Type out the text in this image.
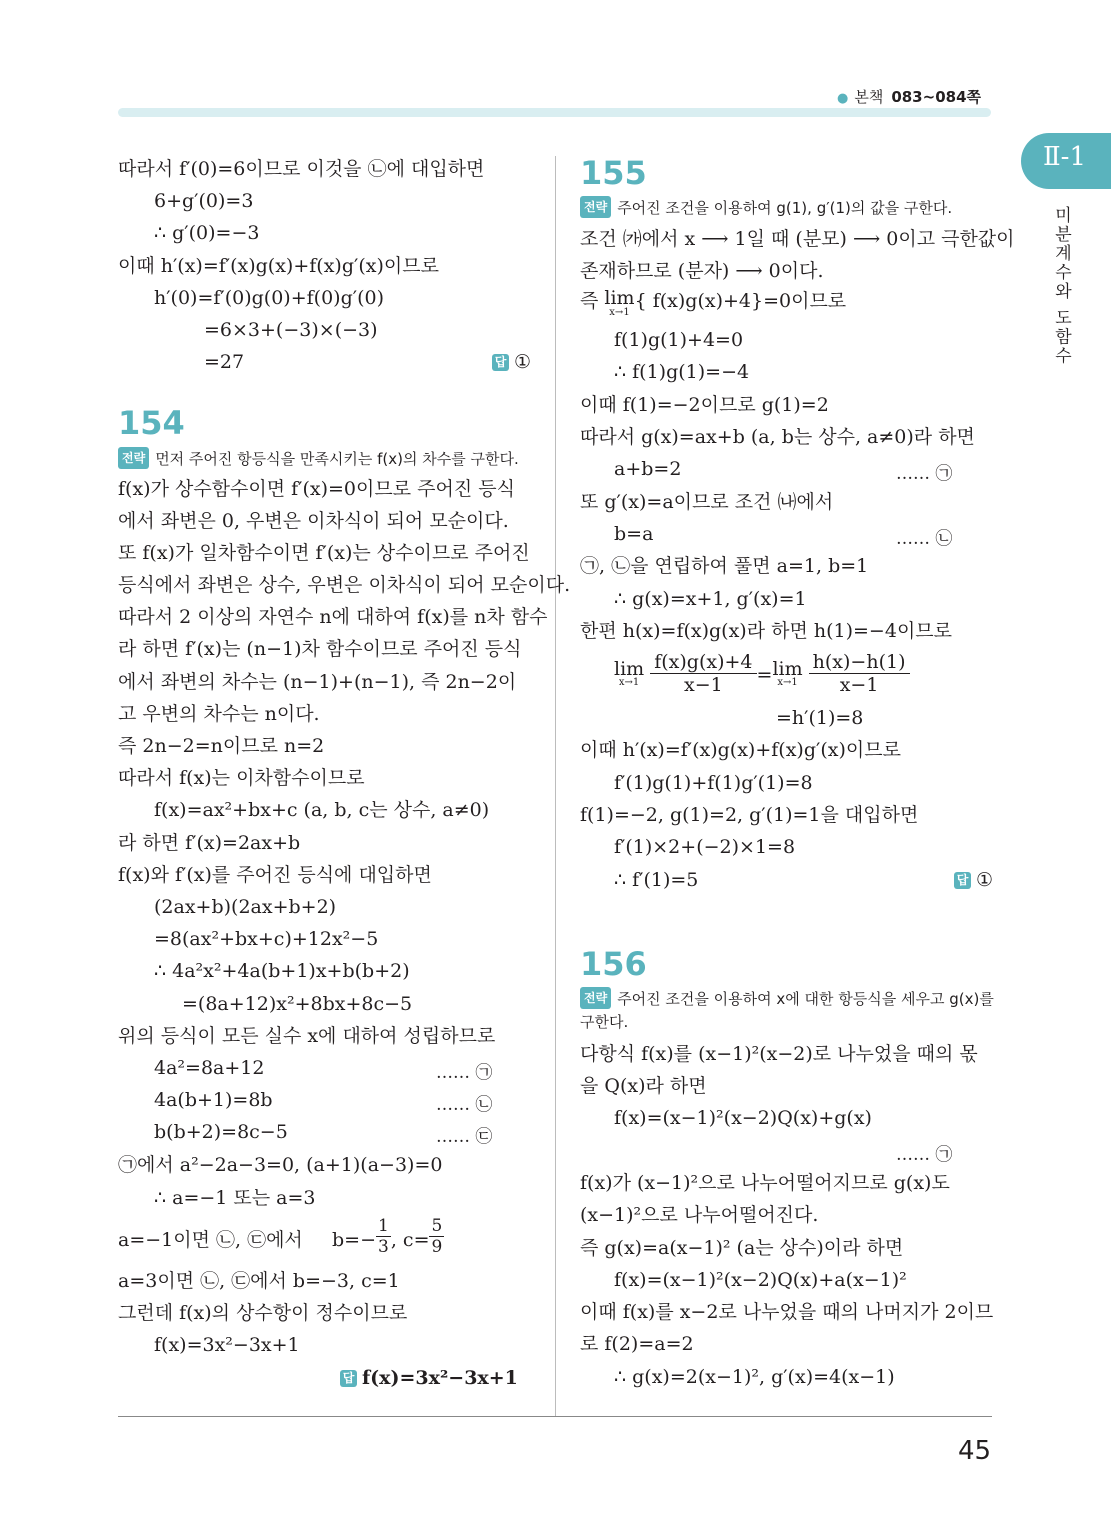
● 본책 083~084쪽
Ⅱ-1
미분계수와 도함수
45
따라서 f′(0)=6이므로 이것을 ㉡에 대입하면
6+g′(0)=3
∴ g′(0)=−3
이때 h′(x)=f′(x)g(x)+f(x)g′(x)이므로
h′(0)=f′(0)g(0)+f(0)g′(0)
=6×3+(−3)×(−3)
=27	답 ①
154
전략 먼저 주어진 항등식을 만족시키는 f(x)의 차수를 구한다.
f(x)가 상수함수이면 f′(x)=0이므로 주어진 등식
에서 좌변은 0, 우변은 이차식이 되어 모순이다.
또 f(x)가 일차함수이면 f′(x)는 상수이므로 주어진
등식에서 좌변은 상수, 우변은 이차식이 되어 모순이다.
따라서 2 이상의 자연수 n에 대하여 f(x)를 n차 함수
라 하면 f′(x)는 (n−1)차 함수이므로 주어진 등식
에서 좌변의 차수는 (n−1)+(n−1), 즉 2n−2이
고 우변의 차수는 n이다.
즉 2n−2=n이므로 n=2
따라서 f(x)는 이차함수이므로
f(x)=ax²+bx+c (a, b, c는 상수, a≠0)
라 하면 f′(x)=2ax+b
f(x)와 f′(x)를 주어진 등식에 대입하면
(2ax+b)(2ax+b+2)
=8(ax²+bx+c)+12x²−5
∴ 4a²x²+4a(b+1)x+b(b+2)
=(8a+12)x²+8bx+8c−5
위의 등식이 모든 실수 x에 대하여 성립하므로
4a²=8a+12	…… ㉠
4a(b+1)=8b	…… ㉡
b(b+2)=8c−5	…… ㉢
㉠에서 a²−2a−3=0, (a+1)(a−3)=0
∴ a=−1 또는 a=3
a=−1이면 ㉡, ㉢에서 $b=- \frac{1}{3}$ , $c= \frac{5}{9}$
a=3이면 ㉡, ㉢에서 b=−3, c=1
그런데 f(x)의 상수항이 정수이므로
f(x)=3x²−3x+1
답 f(x)=3x²−3x+1
155
전략 주어진 조건을 이용하여 g(1), g′(1)의 값을 구한다.
조건 ㈎에서 x ⟶ 1일 때 (분모) ⟶ 0이고 극한값이
존재하므로 (분자) ⟶ 0이다.
즉 lim
x→1
{ f(x)g(x)+4}=0이므로
f(1)g(1)+4=0
∴ f(1)g(1)=−4
이때 f(1)=−2이므로 g(1)=2
따라서 g(x)=ax+b (a, b는 상수, a≠0)라 하면
a+b=2	…… ㉠
또 g′(x)=a이므로 조건 ㈏에서
b=a	…… ㉡
㉠, ㉡을 연립하여 풀면 a=1, b=1
∴ g(x)=x+1, g′(x)=1
한편 h(x)=f(x)g(x)라 하면 h(1)=−4이므로
lim
x→1
$\frac{f(x)g(x)+4}{x-1} = \lim$
x→1
$\frac{h(x)-h(1)}{x-1}$
=h′(1)=8
이때 h′(x)=f′(x)g(x)+f(x)g′(x)이므로
f′(1)g(1)+f(1)g′(1)=8
f(1)=−2, g(1)=2, g′(1)=1을 대입하면
f′(1)×2+(−2)×1=8
∴ f′(1)=5	답 ①
156
전략 주어진 조건을 이용하여 x에 대한 항등식을 세우고 g(x)를
구한다.
다항식 f(x)를 (x−1)²(x−2)로 나누었을 때의 몫
을 Q(x)라 하면
f(x)=(x−1)²(x−2)Q(x)+g(x)
…… ㉠
f(x)가 (x−1)²으로 나누어떨어지므로 g(x)도
(x−1)²으로 나누어떨어진다.
즉 g(x)=a(x−1)² (a는 상수)이라 하면
f(x)=(x−1)²(x−2)Q(x)+a(x−1)²
이때 f(x)를 x−2로 나누었을 때의 나머지가 2이므
로 f(2)=a=2
∴ g(x)=2(x−1)², g′(x)=4(x−1)
